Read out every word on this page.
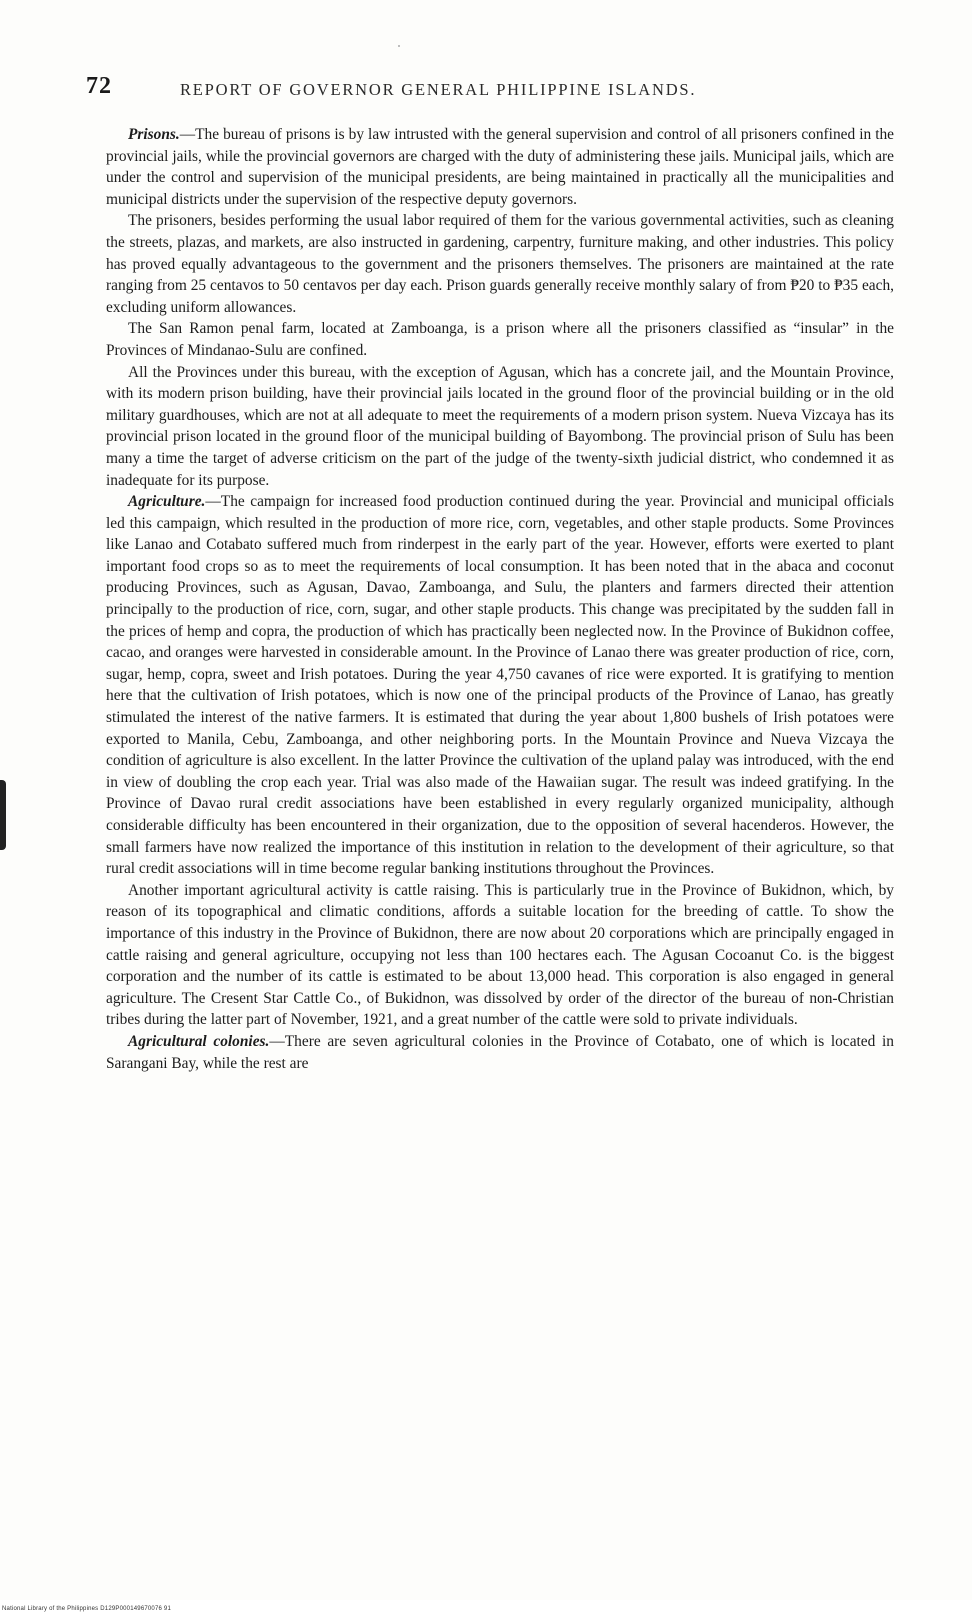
72	REPORT OF GOVERNOR GENERAL PHILIPPINE ISLANDS.

Prisons.—The bureau of prisons is by law intrusted with the general supervision and control of all prisoners confined in the provincial jails, while the provincial governors are charged with the duty of administering these jails. Municipal jails, which are under the control and supervision of the municipal presidents, are being maintained in practically all the municipalities and municipal districts under the supervision of the respective deputy governors.

The prisoners, besides performing the usual labor required of them for the various governmental activities, such as cleaning the streets, plazas, and markets, are also instructed in gardening, carpentry, furniture making, and other industries. This policy has proved equally advantageous to the government and the prisoners themselves. The prisoners are maintained at the rate ranging from 25 centavos to 50 centavos per day each. Prison guards generally receive monthly salary of from ₱20 to ₱35 each, excluding uniform allowances.

The San Ramon penal farm, located at Zamboanga, is a prison where all the prisoners classified as “insular” in the Provinces of Mindanao-Sulu are confined.

All the Provinces under this bureau, with the exception of Agusan, which has a concrete jail, and the Mountain Province, with its modern prison building, have their provincial jails located in the ground floor of the provincial building or in the old military guardhouses, which are not at all adequate to meet the requirements of a modern prison system. Nueva Vizcaya has its provincial prison located in the ground floor of the municipal building of Bayombong. The provincial prison of Sulu has been many a time the target of adverse criticism on the part of the judge of the twenty-sixth judicial district, who condemned it as inadequate for its purpose.

Agriculture.—The campaign for increased food production continued during the year. Provincial and municipal officials led this campaign, which resulted in the production of more rice, corn, vegetables, and other staple products. Some Provinces like Lanao and Cotabato suffered much from rinderpest in the early part of the year. However, efforts were exerted to plant important food crops so as to meet the requirements of local consumption. It has been noted that in the abaca and coconut producing Provinces, such as Agusan, Davao, Zamboanga, and Sulu, the planters and farmers directed their attention principally to the production of rice, corn, sugar, and other staple products. This change was precipitated by the sudden fall in the prices of hemp and copra, the production of which has practically been neglected now. In the Province of Bukidnon coffee, cacao, and oranges were harvested in considerable amount. In the Province of Lanao there was greater production of rice, corn, sugar, hemp, copra, sweet and Irish potatoes. During the year 4,750 cavanes of rice were exported. It is gratifying to mention here that the cultivation of Irish potatoes, which is now one of the principal products of the Province of Lanao, has greatly stimulated the interest of the native farmers. It is estimated that during the year about 1,800 bushels of Irish potatoes were exported to Manila, Cebu, Zamboanga, and other neighboring ports. In the Mountain Province and Nueva Vizcaya the condition of agriculture is also excellent. In the latter Province the cultivation of the upland palay was introduced, with the end in view of doubling the crop each year. Trial was also made of the Hawaiian sugar. The result was indeed gratifying. In the Province of Davao rural credit associations have been established in every regularly organized municipality, although considerable difficulty has been encountered in their organization, due to the opposition of several hacenderos. However, the small farmers have now realized the importance of this institution in relation to the development of their agriculture, so that rural credit associations will in time become regular banking institutions throughout the Provinces.

Another important agricultural activity is cattle raising. This is particularly true in the Province of Bukidnon, which, by reason of its topographical and climatic conditions, affords a suitable location for the breeding of cattle. To show the importance of this industry in the Province of Bukidnon, there are now about 20 corporations which are principally engaged in cattle raising and general agriculture, occupying not less than 100 hectares each. The Agusan Cocoanut Co. is the biggest corporation and the number of its cattle is estimated to be about 13,000 head. This corporation is also engaged in general agriculture. The Cresent Star Cattle Co., of Bukidnon, was dissolved by order of the director of the bureau of non-Christian tribes during the latter part of November, 1921, and a great number of the cattle were sold to private individuals.

Agricultural colonies.—There are seven agricultural colonies in the Province of Cotabato, one of which is located in Sarangani Bay, while the rest are

National Library of the Philippines D129P000149670076 91
